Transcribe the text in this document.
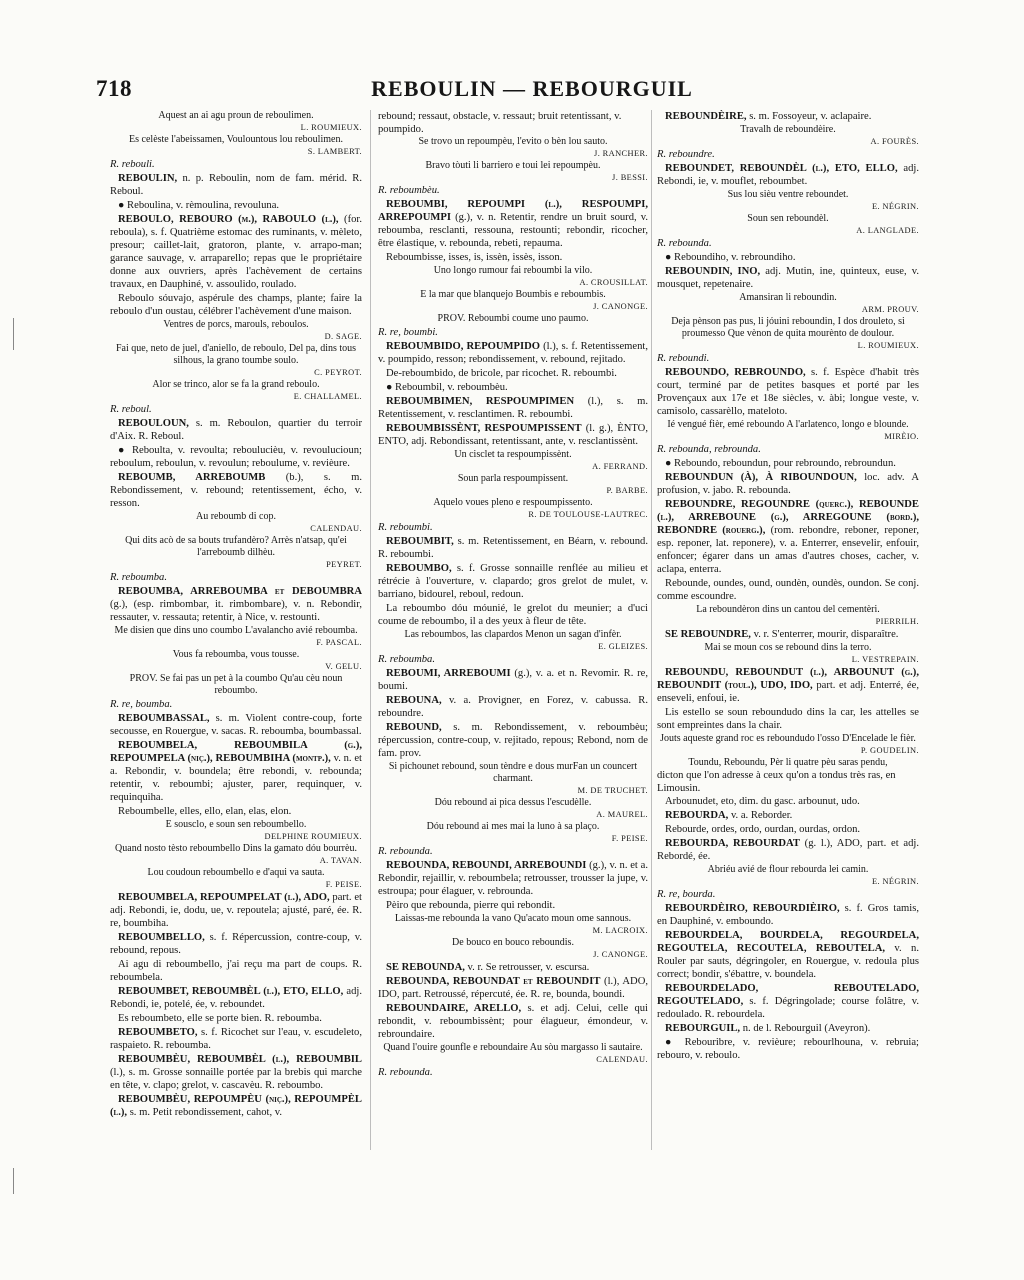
718	REBOULIN — REBOURGUIL
Aquest an ai agu proun de reboulimen.
L. ROUMIEUX.
Es celèste l'abeissamen, Voulountous lou reboulimen.
S. LAMBERT.
R. rebouli.
REBOULIN, n. p. Reboulin, nom de fam. mérid. R. Reboul.
● Reboulina, v. rèmoulina, revouluna.
REBOULO, REBOURO (m.), RABOULO (l.), (for. reboula), s. f. Quatrième estomac des ruminants, v. mèleto, presour; caillet-lait, gratoron, plante, v. arrapo-man; garance sauvage, v. arraparello; repas que le propriétaire donne aux ouvriers, après l'achèvement de certains travaux, en Dauphiné, v. assoulido, roulado.
Reboulo sóuvajo, aspérule des champs, plante; faire la reboulo d'un oustau, célébrer l'achèvement d'une maison.
Ventres de porcs, marouls, reboulos.
D. SAGE.
Fai que, neto de juel, d'aniello, de reboulo, Del pa, dins tous silhous, la grano toumbe soulo.
C. PEYROT.
Alor se trinco, alor se fa la grand reboulo.
E. CHALLAMEL.
R. reboul.
REBOULOUN, s. m. Reboulon, quartier du terroir d'Aix. R. Reboul.
● Reboulta, v. revoulta; reboulucièu, v. revoulucioun; reboulum, reboulun, v. revoulun; reboulume, v. revièure.
REBOUMB, ARREBOUMB (b.), s. m. Rebondissement, v. rebound; retentissement, écho, v. resson.
Au reboumb di cop.
CALENDAU.
Qui dits acò de sa bouts trufandèro? Arrès n'atsap, qu'ei l'arreboumb dilhèu.
PEYRET.
R. reboumba.
REBOUMBA, ARREBOUMBA et DEBOUMBRA (g.), (esp. rimbombar, it. rimbombare), v. n. Rebondir, ressauter, v. ressauta; retentir, à Nice, v. restounti.
Me disien que dins uno coumbo L'avalancho avié reboumba.
F. PASCAL.
Vous fa reboumba, vous tousse.
V. GELU.
PROV. Se fai pas un pet à la coumbo Qu'au cèu noun reboumbo.
R. re, boumba.
REBOUMBASSAL, s. m. Violent contre-coup, forte secousse, en Rouergue, v. sacas. R. reboumba, boumbassal.
REBOUMBELA, REBOUMBILA (g.), REPOUMPELA (niç.), REBOUMBIHA (montp.), v. n. et a. Rebondir, v. boundela; être rebondi, v. rebounda; retentir, v. reboumbi; ajuster, parer, requinquer, v. requinquiha.
Reboumbelle, elles, ello, elan, elas, elon.
E sousclo, e soun sen reboumbello.
DELPHINE ROUMIEUX.
Quand nosto tèsto reboumbello Dins la gamato dóu bourrèu.
A. TAVAN.
Lou coudoun reboumbello e d'aqui va sauta.
F. PEISE.
REBOUMBELA, REPOUMPELAT (l.), ADO, part. et adj. Rebondi, ie, dodu, ue, v. repoutela; ajusté, paré, ée. R. re, boumbiha.
REBOUMBELLO, s. f. Répercussion, contre-coup, v. rebound, repous.
Ai agu di reboumbello, j'ai reçu ma part de coups. R. reboumbela.
REBOUMBET, REBOUMBÈL (l.), ETO, ELLO, adj. Rebondi, ie, potelé, ée, v. reboundet.
Es reboumbeto, elle se porte bien. R. reboumba.
REBOUMBETO, s. f. Ricochet sur l'eau, v. escudeleto, raspaieto. R. reboumba.
REBOUMBÈU, REBOUMBÈL (l.), REBOUMBIL (l.), s. m. Grosse sonnaille portée par la brebis qui marche en tête, v. clapo; grelot, v. cascavèu. R. reboumbo.
REBOUMBÈU, REPOUMPÈU (niç.), REPOUMPÈL (l.), s. m. Petit rebondissement, cahot, v.
rebound; ressaut, obstacle, v. ressaut; bruit retentissant, v. poumpido.
Se trovo un repoumpèu, l'evito o bèn lou sauto.
J. RANCHER.
Bravo tòuti li barriero e toui lei repoumpèu.
J. BESSI.
R. reboumbèu.
REBOUMBI, REPOUMPI (l.), RESPOUMPI, ARREPOUMPI (g.), v. n. Retentir, rendre un bruit sourd, v. reboumba, resclanti, ressouna, restounti; rebondir, ricocher, être élastique, v. rebounda, rebeti, repauma.
Reboumbisse, isses, is, issèn, issès, isson.
Uno longo rumour fai reboumbi la vilo.
A. CROUSILLAT.
E la mar que blanquejo Boumbis e reboumbis.
J. CANONGE.
PROV. Reboumbi coume uno paumo.
R. re, boumbi.
REBOUMBIDO, REPOUMPIDO (l.), s. f. Retentissement, v. poumpido, resson; rebondissement, v. rebound, rejitado.
De-reboumbido, de bricole, par ricochet. R. reboumbi.
● Reboumbil, v. reboumbèu.
REBOUMBIMEN, RESPOUMPIMEN (l.), s. m. Retentissement, v. resclantimen. R. reboumbi.
REBOUMBISSÈNT, RESPOUMPISSENT (l. g.), ÈNTO, ENTO, adj. Rebondissant, retentissant, ante, v. resclantissènt.
Un cisclet ta respoumpissènt.
A. FERRAND.
Soun parla respoumpissent.
P. BARBE.
Aquelo voues pleno e respoumpissento.
R. DE TOULOUSE-LAUTREC.
R. reboumbi.
REBOUMBIT, s. m. Retentissement, en Béarn, v. rebound. R. reboumbi.
REBOUMBO, s. f. Grosse sonnaille renflée au milieu et rétrécie à l'ouverture, v. clapardo; gros grelot de mulet, v. barriano, bidourel, reboul, redoun.
La reboumbo dóu móunié, le grelot du meunier; a d'uci coume de reboumbo, il a des yeux à fleur de tête.
Las reboumbos, las clapardos Menon un sagan d'infèr.
E. GLEIZES.
R. reboumba.
REBOUMI, ARREBOUMI (g.), v. a. et n. Revomir. R. re, boumi.
REBOUNA, v. a. Provigner, en Forez, v. cabussa. R. reboundre.
REBOUND, s. m. Rebondissement, v. reboumbèu; répercussion, contre-coup, v. rejitado, repous; Rebond, nom de fam. prov.
Si pichounet rebound, soun tèndre e dous murFan un councert charmant.
M. DE TRUCHET.
Dóu rebound ai pica dessus l'escudèlle.
A. MAUREL.
Dóu rebound ai mes mai la luno à sa plaço.
F. PEISE.
R. rebounda.
REBOUNDA, REBOUNDI, ARREBOUNDI (g.), v. n. et a. Rebondir, rejaillir, v. reboumbela; retrousser, trousser la jupe, v. estroupa; pour élaguer, v. rebrounda.
Pèiro que rebounda, pierre qui rebondit.
Laissas-me rebounda la vano Qu'acato moun ome sannous.
M. LACROIX.
De bouco en bouco reboundis.
J. CANONGE.
SE REBOUNDA, v. r. Se retrousser, v. escursa.
REBOUNDA, REBOUNDAT et REBOUNDIT (l.), ADO, IDO, part. Retroussé, répercuté, ée. R. re, bounda, boundi.
REBOUNDAIRE, ARELLO, s. et adj. Celui, celle qui rebondit, v. reboumbissènt; pour élagueur, émondeur, v. rebroundaire.
Quand l'ouire gounfle e reboundaire Au sòu margasso li sautaire.
CALENDAU.
R. rebounda.
REBOUNDÈIRE, s. m. Fossoyeur, v. aclapaire.
Travalh de reboundèire.
A. FOURÈS.
R. reboundre.
REBOUNDET, REBOUNDÈL (l.), ETO, ELLO, adj. Rebondi, ie, v. mouflet, reboumbet.
Sus lou sièu ventre reboundet.
E. NÉGRIN.
Soun sen reboundèl.
A. LANGLADE.
R. rebounda.
● Reboundiho, v. rebroundiho.
REBOUNDIN, INO, adj. Mutin, ine, quinteux, euse, v. mousquet, repetenaire.
Amansiran li reboundin.
ARM. PROUV.
Deja pènson pas pus, li jóuini reboundin, I dos drouleto, si proumesso Que vènon de quita mourènto de doulour.
L. ROUMIEUX.
R. reboundi.
REBOUNDO, REBROUNDO, s. f. Espèce d'habit très court, terminé par de petites basques et porté par les Provençaux aux 17e et 18e siècles, v. àbi; longue veste, v. camisolo, cassarèllo, mateloto.
Ié vengué fièr, emé reboundo A l'arlatenco, longo e blounde.
MIRÈIO.
R. rebounda, rebrounda.
● Reboundo, reboundun, pour rebroundo, rebroundun.
REBOUNDUN (À), À RIBOUNDOUN, loc. adv. A profusion, v. jabo. R. rebounda.
REBOUNDRE, REGOUNDRE (querc.), REBOUNDE (l.), ARREBOUNE (g.), ARREGOUNE (bord.), REBONDRE (rouerg.), (rom. rebondre, reboner, reponer, esp. reponer, lat. reponere), v. a. Enterrer, ensevelir, enfouir, enfoncer; égarer dans un amas d'autres choses, cacher, v. aclapa, enterra.
Rebounde, oundes, ound, oundèn, oundès, oundon. Se conj. comme escoundre.
La reboundèron dins un cantou del cementèri.
PIERRILH.
SE REBOUNDRE, v. r. S'enterrer, mourir, disparaître.
Mai se moun cos se rebound dins la terro.
L. VESTREPAIN.
REBOUNDU, REBOUNDUT (l.), ARBOUNUT (g.), REBOUNDIT (toul.), UDO, IDO, part. et adj. Enterré, ée, enseveli, enfoui, ie.
Lis estello se soun reboundudo dins la car, les attelles se sont empreintes dans la chair.
Jouts aqueste grand roc es reboundudo l'osso D'Encelade le fièr.
P. GOUDELIN.
Toundu, Reboundu, Pèr li quatre pèu saras pendu,
dicton que l'on adresse à ceux qu'on a tondus très ras, en Limousin.
Arbounudet, eto, dim. du gasc. arbounut, udo.
REBOURDA, v. a. Reborder.
Rebourde, ordes, ordo, ourdan, ourdas, ordon.
REBOURDA, REBOURDAT (g. l.), ADO, part. et adj. Rebordé, ée.
Abriéu avié de flour rebourda lei camin.
E. NÉGRIN.
R. re, bourda.
REBOURDÈIRO, REBOURDIÈIRO, s. f. Gros tamis, en Dauphiné, v. emboundo.
REBOURDELA, BOURDELA, REGOURDELA, REGOUTELA, RECOUTELA, REBOUTELA, v. n. Rouler par sauts, dégringoler, en Rouergue, v. redoula plus correct; bondir, s'ébattre, v. boundela.
REBOURDELADO, REBOUTELADO, REGOUTELADO, s. f. Dégringolade; course folâtre, v. redoulado. R. rebourdela.
REBOURGUIL, n. de l. Rebourguil (Aveyron).
● Rebouribre, v. revièure; rebourlhouna, v. rebruia; rebouro, v. reboulo.
